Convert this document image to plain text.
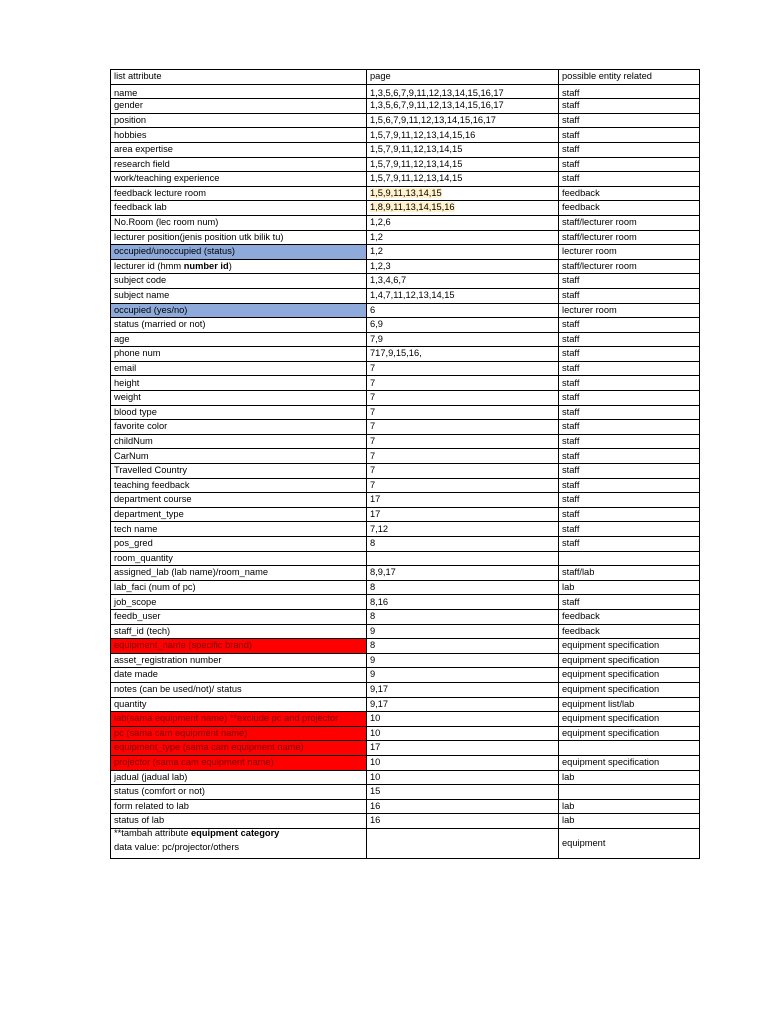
list attribute	page	possible entity related
name	1,3,5,6,7,9,11,12,13,14,15,16,17	staff
gender	1,3,5,6,7,9,11,12,13,14,15,16,17	staff
position	1,5,6,7,9,11,12,13,14,15,16,17	staff
hobbies	1,5,7,9,11,12,13,14,15,16	staff
area expertise	1,5,7,9,11,12,13,14,15	staff
research field	1,5,7,9,11,12,13,14,15	staff
work/teaching experience	1,5,7,9,11,12,13,14,15	staff
feedback lecture room	1,5,9,11,13,14,15	feedback
feedback lab	1,8,9,11,13,14,15,16	feedback
No.Room (lec room num)	1,2,6	staff/lecturer room
lecturer position(jenis position utk bilik tu)	1,2	staff/lecturer room
occupied/unoccupied (status)	1,2	lecturer room
lecturer id (hmm number id)	1,2,3	staff/lecturer room
subject code	1,3,4,6,7	staff
subject name	1,4,7,11,12,13,14,15	staff
occupied (yes/no)	6	lecturer room
status (married or not)	6,9	staff
age	7,9	staff
phone num	717,9,15,16,	staff
email	7	staff
height	7	staff
weight	7	staff
blood type	7	staff
favorite color	7	staff
childNum	7	staff
CarNum	7	staff
Travelled Country	7	staff
teaching feedback	7	staff
department course	17	staff
department_type	17	staff
tech name	7,12	staff
pos_gred	8	staff
room_quantity		
assigned_lab (lab name)/room_name	8,9,17	staff/lab
lab_faci (num of pc)	8	lab
job_scope	8,16	staff
feedb_user	8	feedback
staff_id (tech)	9	feedback
equipment_name (specific brand)	8	equipment specification
asset_registration number	9	equipment specification
date made	9	equipment specification
notes (can be used/not)/ status	9,17	equipment specification
quantity	9,17	equipment list/lab
lab(sama equipment name) **exclude pc and projector	10	equipment specification
pc (sama cam equipment name)	10	equipment specification
equipment_type (sama cam equipment name)	17	
projector (sama cam equipment name)	10	equipment specification
jadual (jadual lab)	10	lab
status (comfort or not)	15	
form related to lab	16	lab
status of lab	16	lab

**tambah attribute equipment category
data value: pc/projector/others		equipment
